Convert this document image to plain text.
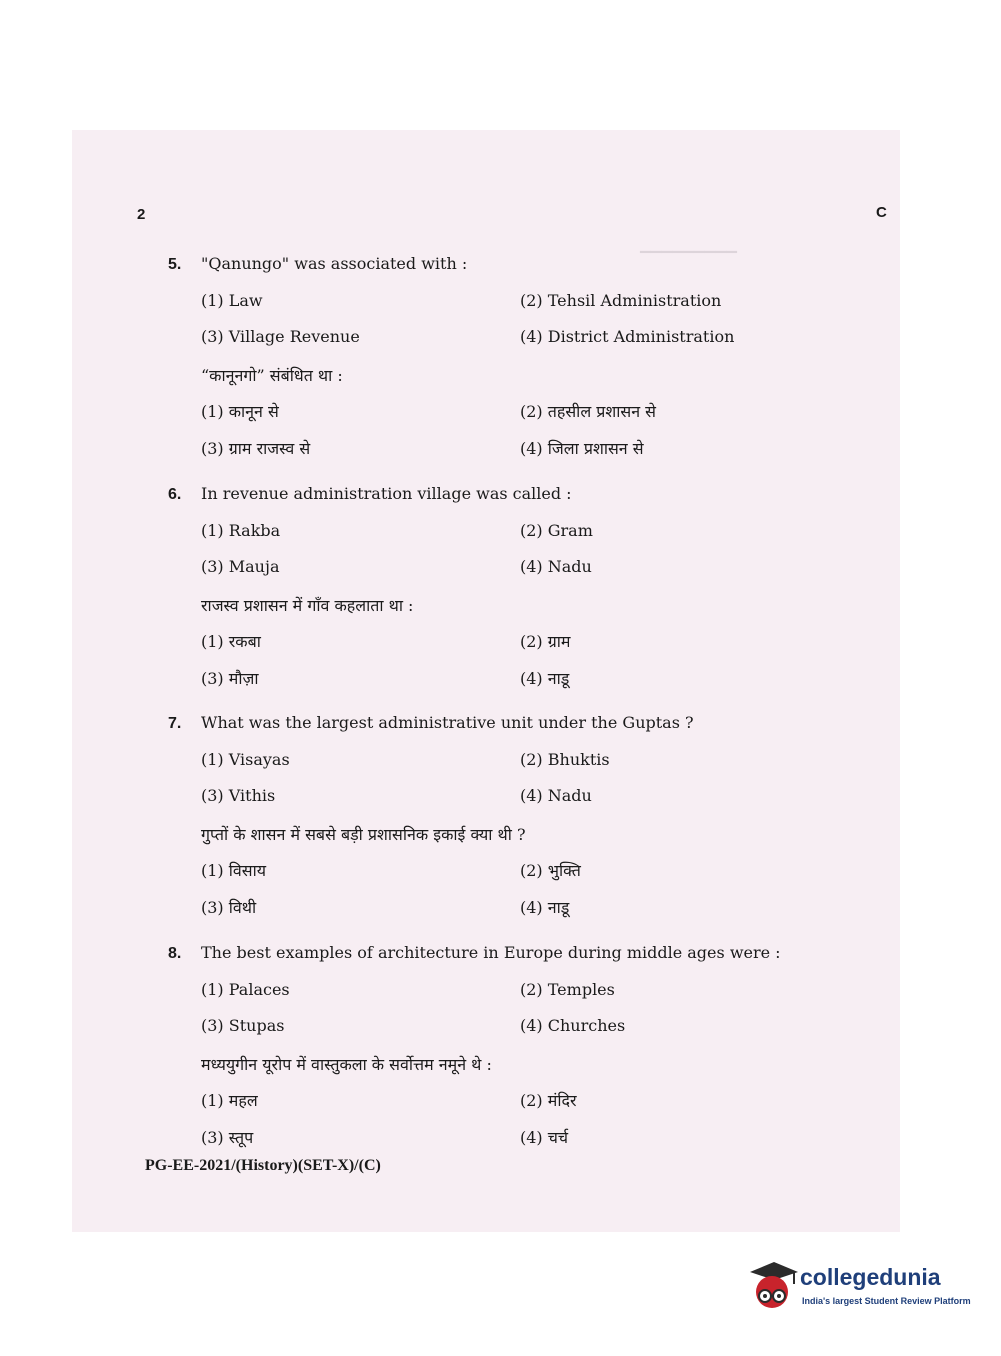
▔▔▔▔▔▔▔▔▔
2	C
5. "Qanungo" was associated with :
(1) Law	(2) Tehsil Administration
(3) Village Revenue	(4) District Administration
“कानूनगो” संबंधित था :
(1) कानून से	(2) तहसील प्रशासन से
(3) ग्राम राजस्व से	(4) जिला प्रशासन से
6. In revenue administration village was called :
(1) Rakba	(2) Gram
(3) Mauja	(4) Nadu
राजस्व प्रशासन में गाँव कहलाता था :
(1) रकबा	(2) ग्राम
(3) मौज़ा	(4) नाडू
7. What was the largest administrative unit under the Guptas ?
(1) Visayas	(2) Bhuktis
(3) Vithis	(4) Nadu
गुप्तों के शासन में सबसे बड़ी प्रशासनिक इकाई क्या थी ?
(1) विसाय	(2) भुक्ति
(3) विथी	(4) नाडू
8. The best examples of architecture in Europe during middle ages were :
(1) Palaces	(2) Temples
(3) Stupas	(4) Churches
मध्ययुगीन यूरोप में वास्तुकला के सर्वोत्तम नमूने थे :
(1) महल	(2) मंदिर
(3) स्तूप	(4) चर्च
PG-EE-2021/(History)(SET-X)/(C)
collegedunia
India's largest Student Review Platform
